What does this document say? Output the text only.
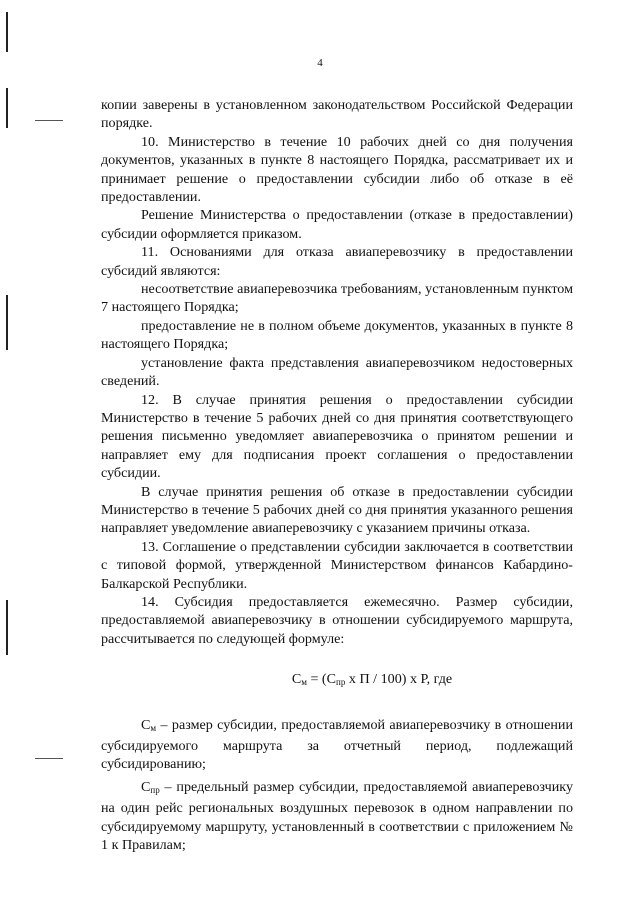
4

копии заверены в установленном законодательством Российской Федерации порядке.

10. Министерство в течение 10 рабочих дней со дня получения документов, указанных в пункте 8 настоящего Порядка, рассматривает их и принимает решение о предоставлении субсидии либо об отказе в её предоставлении.

Решение Министерства о предоставлении (отказе в предоставлении) субсидии оформляется приказом.

11. Основаниями для отказа авиаперевозчику в предоставлении субсидий являются:

несоответствие авиаперевозчика требованиям, установленным пунктом 7 настоящего Порядка;

предоставление не в полном объеме документов, указанных в пункте 8 настоящего Порядка;

установление факта представления авиаперевозчиком недостоверных сведений.

12. В случае принятия решения о предоставлении субсидии Министерство в течение 5 рабочих дней со дня принятия соответствующего решения письменно уведомляет авиаперевозчика о принятом решении и направляет ему для подписания проект соглашения о предоставлении субсидии.

В случае принятия решения об отказе в предоставлении субсидии Министерство в течение 5 рабочих дней со дня принятия указанного решения направляет уведомление авиаперевозчику с указанием причины отказа.

13. Соглашение о представлении субсидии заключается в соответствии с типовой формой, утвержденной Министерством финансов Кабардино-Балкарской Республики.

14. Субсидия предоставляется ежемесячно. Размер субсидии, предоставляемой авиаперевозчику в отношении субсидируемого маршрута, рассчитывается по следующей формуле:

$С_м = (С_{пр}$ х П / 100) х Р, где

$С_м$ – размер субсидии, предоставляемой авиаперевозчику в отношении субсидируемого маршрута за отчетный период, подлежащий субсидированию;

$С_{пр}$ – предельный размер субсидии, предоставляемой авиаперевозчику на один рейс региональных воздушных перевозок в одном направлении по субсидируемому маршруту, установленный в соответствии с приложением № 1 к Правилам;
